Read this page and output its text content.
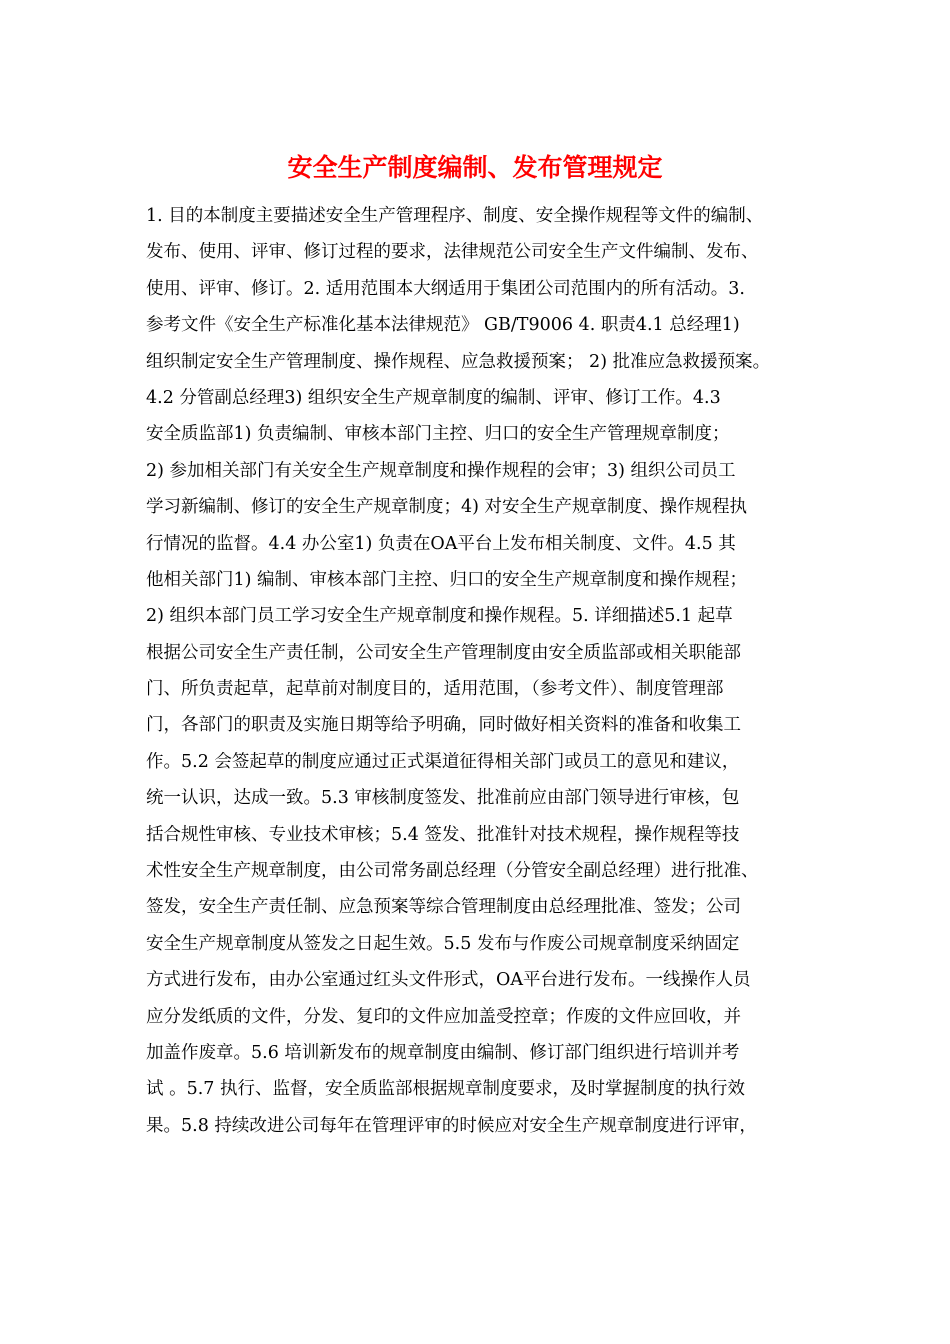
安全生产制度编制、发布管理规定
1. 目的本制度主要描述安全生产管理程序、制度、安全操作规程等文件的编制、
发布、使用、评审、修订过程的要求，法律规范公司安全生产文件编制、发布、
使用、评审、修订。2. 适用范围本大纲适用于集团公司范围内的所有活动。3.
参考文件《安全生产标准化基本法律规范》 GB/T9006 4. 职责4.1 总经理1)
组织制定安全生产管理制度、操作规程、应急救援预案； 2) 批准应急救援预案。
4.2 分管副总经理3) 组织安全生产规章制度的编制、评审、修订工作。4.3
安全质监部1) 负责编制、审核本部门主控、归口的安全生产管理规章制度；
2) 参加相关部门有关安全生产规章制度和操作规程的会审；3) 组织公司员工
学习新编制、修订的安全生产规章制度；4) 对安全生产规章制度、操作规程执
行情况的监督。4.4 办公室1) 负责在OA平台上发布相关制度、文件。4.5 其
他相关部门1) 编制、审核本部门主控、归口的安全生产规章制度和操作规程；
2) 组织本部门员工学习安全生产规章制度和操作规程。5. 详细描述5.1 起草
根据公司安全生产责任制，公司安全生产管理制度由安全质监部或相关职能部
门、所负责起草，起草前对制度目的，适用范围，（参考文件）、制度管理部
门，各部门的职责及实施日期等给予明确，同时做好相关资料的准备和收集工
作。5.2 会签起草的制度应通过正式渠道征得相关部门或员工的意见和建议，
统一认识，达成一致。5.3 审核制度签发、批准前应由部门领导进行审核，包
括合规性审核、专业技术审核；5.4 签发、批准针对技术规程，操作规程等技
术性安全生产规章制度，由公司常务副总经理（分管安全副总经理）进行批准、
签发，安全生产责任制、应急预案等综合管理制度由总经理批准、签发；公司
安全生产规章制度从签发之日起生效。5.5 发布与作废公司规章制度采纳固定
方式进行发布，由办公室通过红头文件形式，OA平台进行发布。一线操作人员
应分发纸质的文件，分发、复印的文件应加盖受控章；作废的文件应回收，并
加盖作废章。5.6 培训新发布的规章制度由编制、修订部门组织进行培训并考
试 。5.7 执行、监督，安全质监部根据规章制度要求，及时掌握制度的执行效
果。5.8 持续改进公司每年在管理评审的时候应对安全生产规章制度进行评审，
